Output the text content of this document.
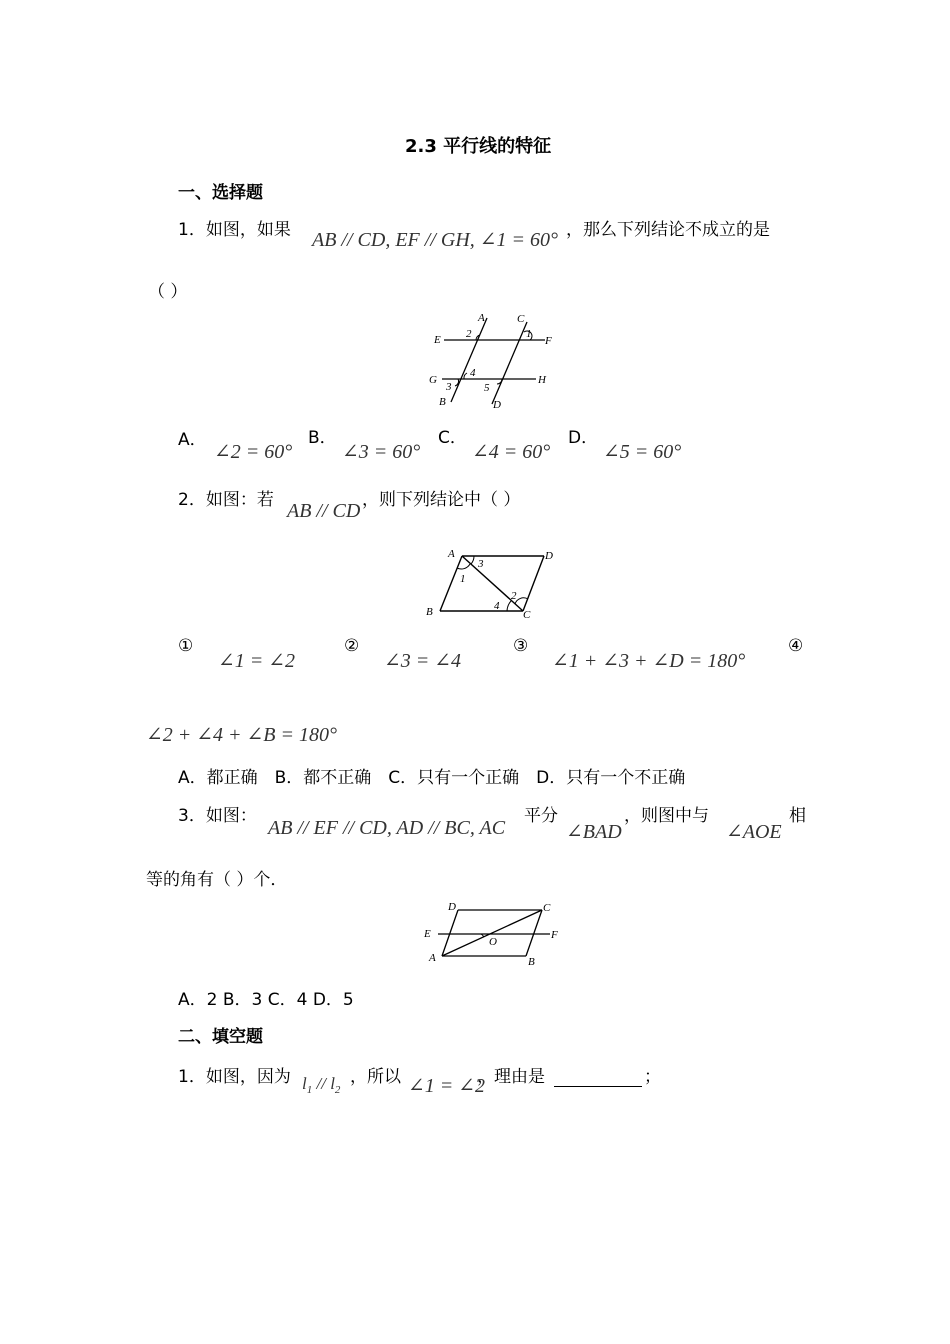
2.3 平行线的特征
一、选择题
1．如图，如果 AB // CD, EF // GH, ∠1 = 60° ，那么下列结论不成立的是
（ ）
A	C
E	F
G	H
B	D
1
2
3
4
5
A．
∠2 = 60°
B．
∠3 = 60°
C．
∠4 = 60°
D．
∠5 = 60°
2．如图：若 AB // CD ，则下列结论中（ ）
A	D
B	C
1
2
3
4
①
∠1 = ∠2
②
∠3 = ∠4
③
∠1 + ∠3 + ∠D = 180°
④
∠2 + ∠4 + ∠B = 180°
A．都正确　B．都不正确　C．只有一个正确　D．只有一个不正确
3．如图：
AB // EF // CD, AD // BC, AC
平分
∠BAD
，则图中与
∠AOE
相
等的角有（ ）个．
D	C
E	F
O
A	B
A．2 B．3 C．4 D．5
二、填空题
1．如图，因为 $l_1 // l_2$
，所以 ∠1 = ∠2
，理由是	；
